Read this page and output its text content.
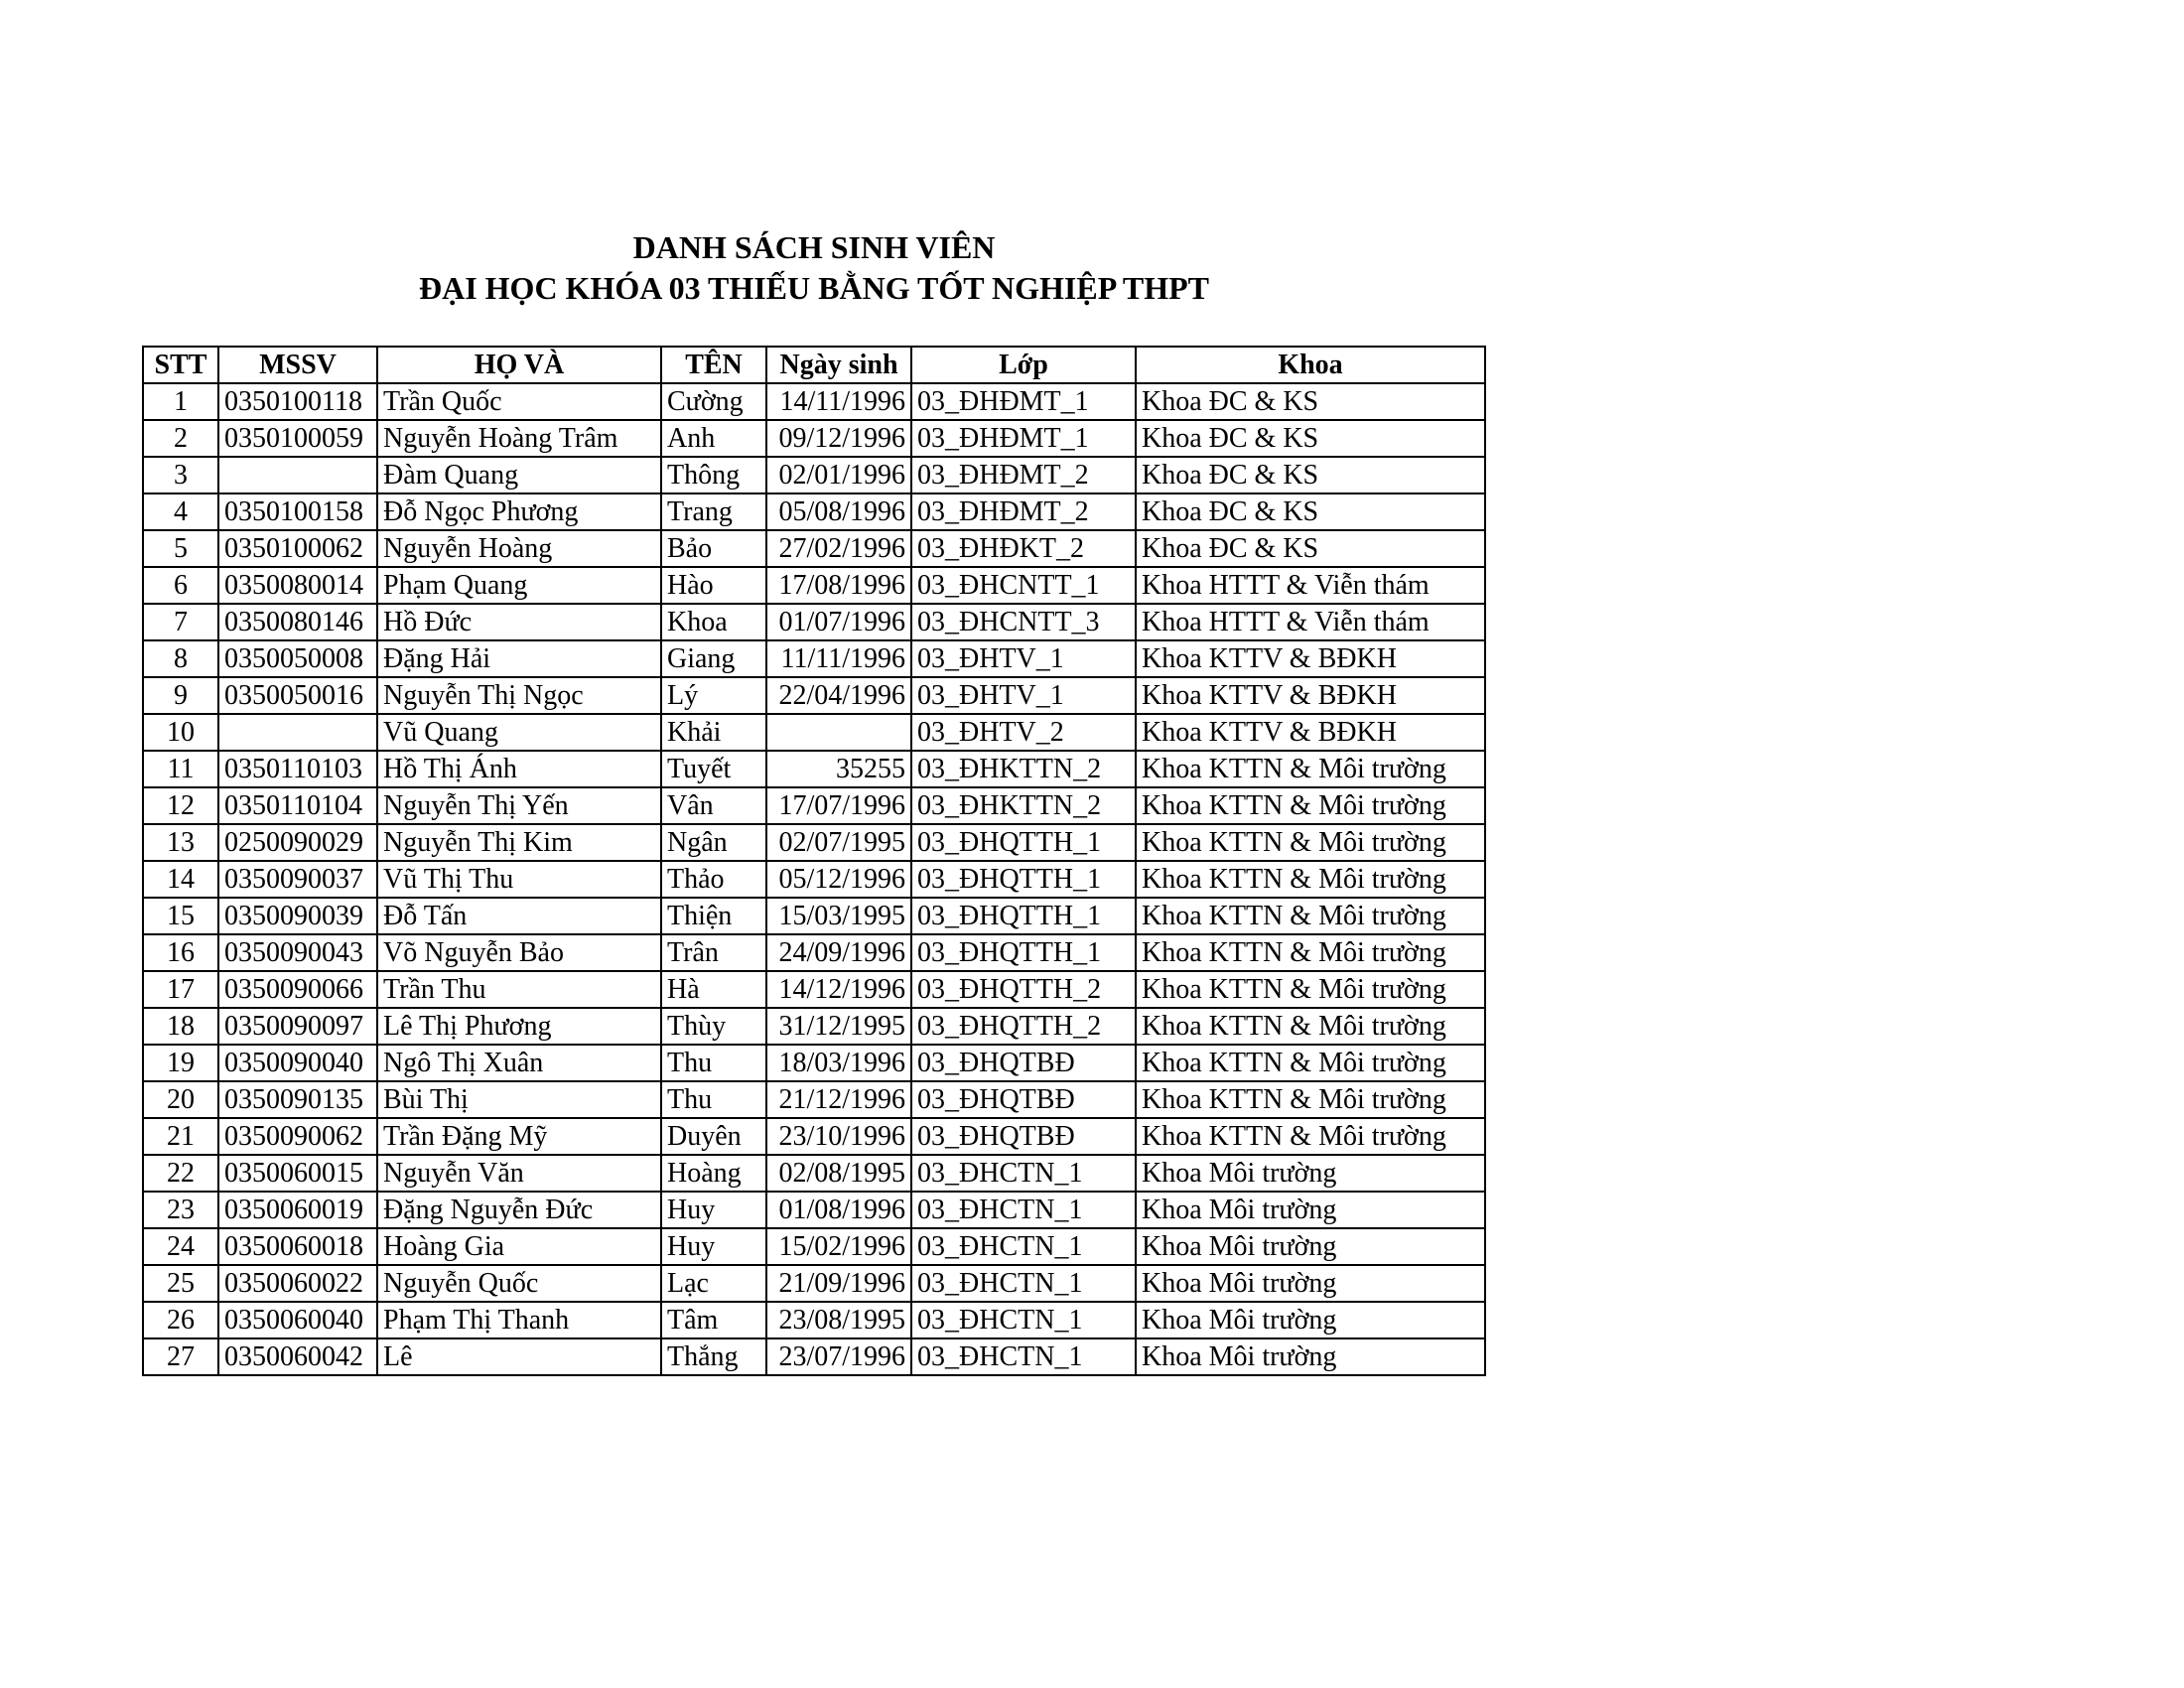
DANH SÁCH SINH VIÊN
ĐẠI HỌC KHÓA 03 THIẾU BẰNG TỐT NGHIỆP THPT
STT	MSSV	HỌ VÀ	TÊN	Ngày sinh	Lớp	Khoa
1	0350100118	Trần Quốc	Cường	14/11/1996	03_ĐHĐMT_1	Khoa ĐC & KS
2	0350100059	Nguyễn Hoàng Trâm	Anh	09/12/1996	03_ĐHĐMT_1	Khoa ĐC & KS
3		Đàm Quang	Thông	02/01/1996	03_ĐHĐMT_2	Khoa ĐC & KS
4	0350100158	Đỗ Ngọc Phương	Trang	05/08/1996	03_ĐHĐMT_2	Khoa ĐC & KS
5	0350100062	Nguyễn Hoàng	Bảo	27/02/1996	03_ĐHĐKT_2	Khoa ĐC & KS
6	0350080014	Phạm Quang	Hào	17/08/1996	03_ĐHCNTT_1	Khoa HTTT & Viễn thám
7	0350080146	Hồ Đức	Khoa	01/07/1996	03_ĐHCNTT_3	Khoa HTTT & Viễn thám
8	0350050008	Đặng Hải	Giang	11/11/1996	03_ĐHTV_1	Khoa KTTV & BĐKH
9	0350050016	Nguyễn Thị Ngọc	Lý	22/04/1996	03_ĐHTV_1	Khoa KTTV & BĐKH
10		Vũ Quang	Khải		03_ĐHTV_2	Khoa KTTV & BĐKH
11	0350110103	Hồ Thị Ánh	Tuyết	35255	03_ĐHKTTN_2	Khoa KTTN & Môi trường
12	0350110104	Nguyễn Thị Yến	Vân	17/07/1996	03_ĐHKTTN_2	Khoa KTTN & Môi trường
13	0250090029	Nguyễn Thị Kim	Ngân	02/07/1995	03_ĐHQTTH_1	Khoa KTTN & Môi trường
14	0350090037	Vũ Thị Thu	Thảo	05/12/1996	03_ĐHQTTH_1	Khoa KTTN & Môi trường
15	0350090039	Đỗ Tấn	Thiện	15/03/1995	03_ĐHQTTH_1	Khoa KTTN & Môi trường
16	0350090043	Võ Nguyễn Bảo	Trân	24/09/1996	03_ĐHQTTH_1	Khoa KTTN & Môi trường
17	0350090066	Trần Thu	Hà	14/12/1996	03_ĐHQTTH_2	Khoa KTTN & Môi trường
18	0350090097	Lê Thị Phương	Thùy	31/12/1995	03_ĐHQTTH_2	Khoa KTTN & Môi trường
19	0350090040	Ngô Thị Xuân	Thu	18/03/1996	03_ĐHQTBĐ	Khoa KTTN & Môi trường
20	0350090135	Bùi Thị	Thu	21/12/1996	03_ĐHQTBĐ	Khoa KTTN & Môi trường
21	0350090062	Trần Đặng Mỹ	Duyên	23/10/1996	03_ĐHQTBĐ	Khoa KTTN & Môi trường
22	0350060015	Nguyễn Văn	Hoàng	02/08/1995	03_ĐHCTN_1	Khoa Môi trường
23	0350060019	Đặng Nguyễn Đức	Huy	01/08/1996	03_ĐHCTN_1	Khoa Môi trường
24	0350060018	Hoàng Gia	Huy	15/02/1996	03_ĐHCTN_1	Khoa Môi trường
25	0350060022	Nguyễn Quốc	Lạc	21/09/1996	03_ĐHCTN_1	Khoa Môi trường
26	0350060040	Phạm Thị Thanh	Tâm	23/08/1995	03_ĐHCTN_1	Khoa Môi trường
27	0350060042	Lê	Thắng	23/07/1996	03_ĐHCTN_1	Khoa Môi trường
